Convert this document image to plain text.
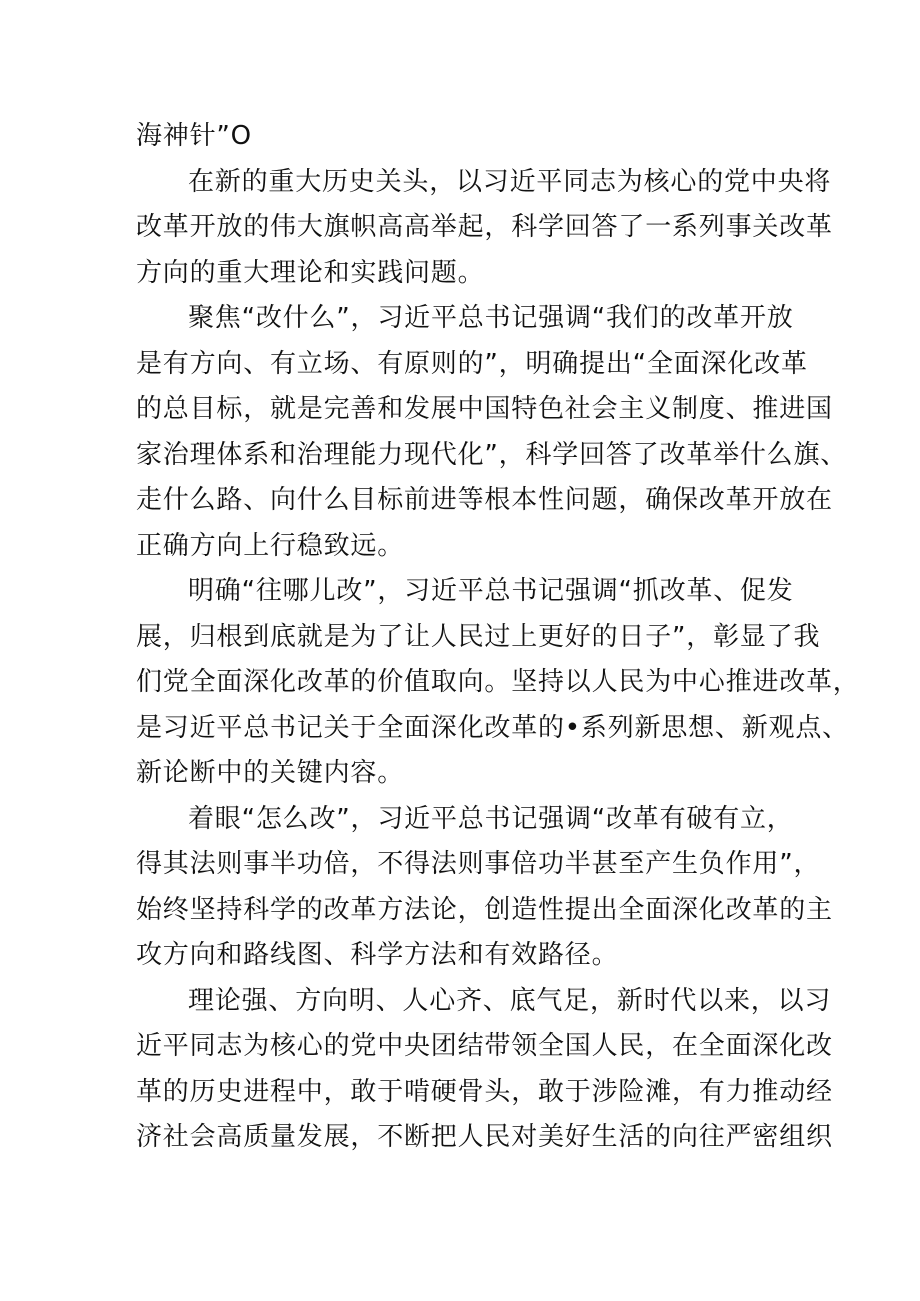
海神针”O
在新的重大历史关头，以习近平同志为核心的党中央将
改革开放的伟大旗帜高高举起，科学回答了一系列事关改革
方向的重大理论和实践问题。
聚焦“改什么”，习近平总书记强调“我们的改革开放
是有方向、有立场、有原则的”，明确提出“全面深化改革
的总目标，就是完善和发展中国特色社会主义制度、推进国
家治理体系和治理能力现代化”，科学回答了改革举什么旗、
走什么路、向什么目标前进等根本性问题，确保改革开放在
正确方向上行稳致远。
明确“往哪儿改”，习近平总书记强调“抓改革、促发
展，归根到底就是为了让人民过上更好的日子”，彰显了我
们党全面深化改革的价值取向。坚持以人民为中心推进改革，
是习近平总书记关于全面深化改革的•系列新思想、新观点、
新论断中的关键内容。
着眼“怎么改”，习近平总书记强调“改革有破有立，
得其法则事半功倍，不得法则事倍功半甚至产生负作用”，
始终坚持科学的改革方法论，创造性提出全面深化改革的主
攻方向和路线图、科学方法和有效路径。
理论强、方向明、人心齐、底气足，新时代以来，以习
近平同志为核心的党中央团结带领全国人民，在全面深化改
革的历史进程中，敢于啃硬骨头，敢于涉险滩，有力推动经
济社会高质量发展，不断把人民对美好生活的向往严密组织
